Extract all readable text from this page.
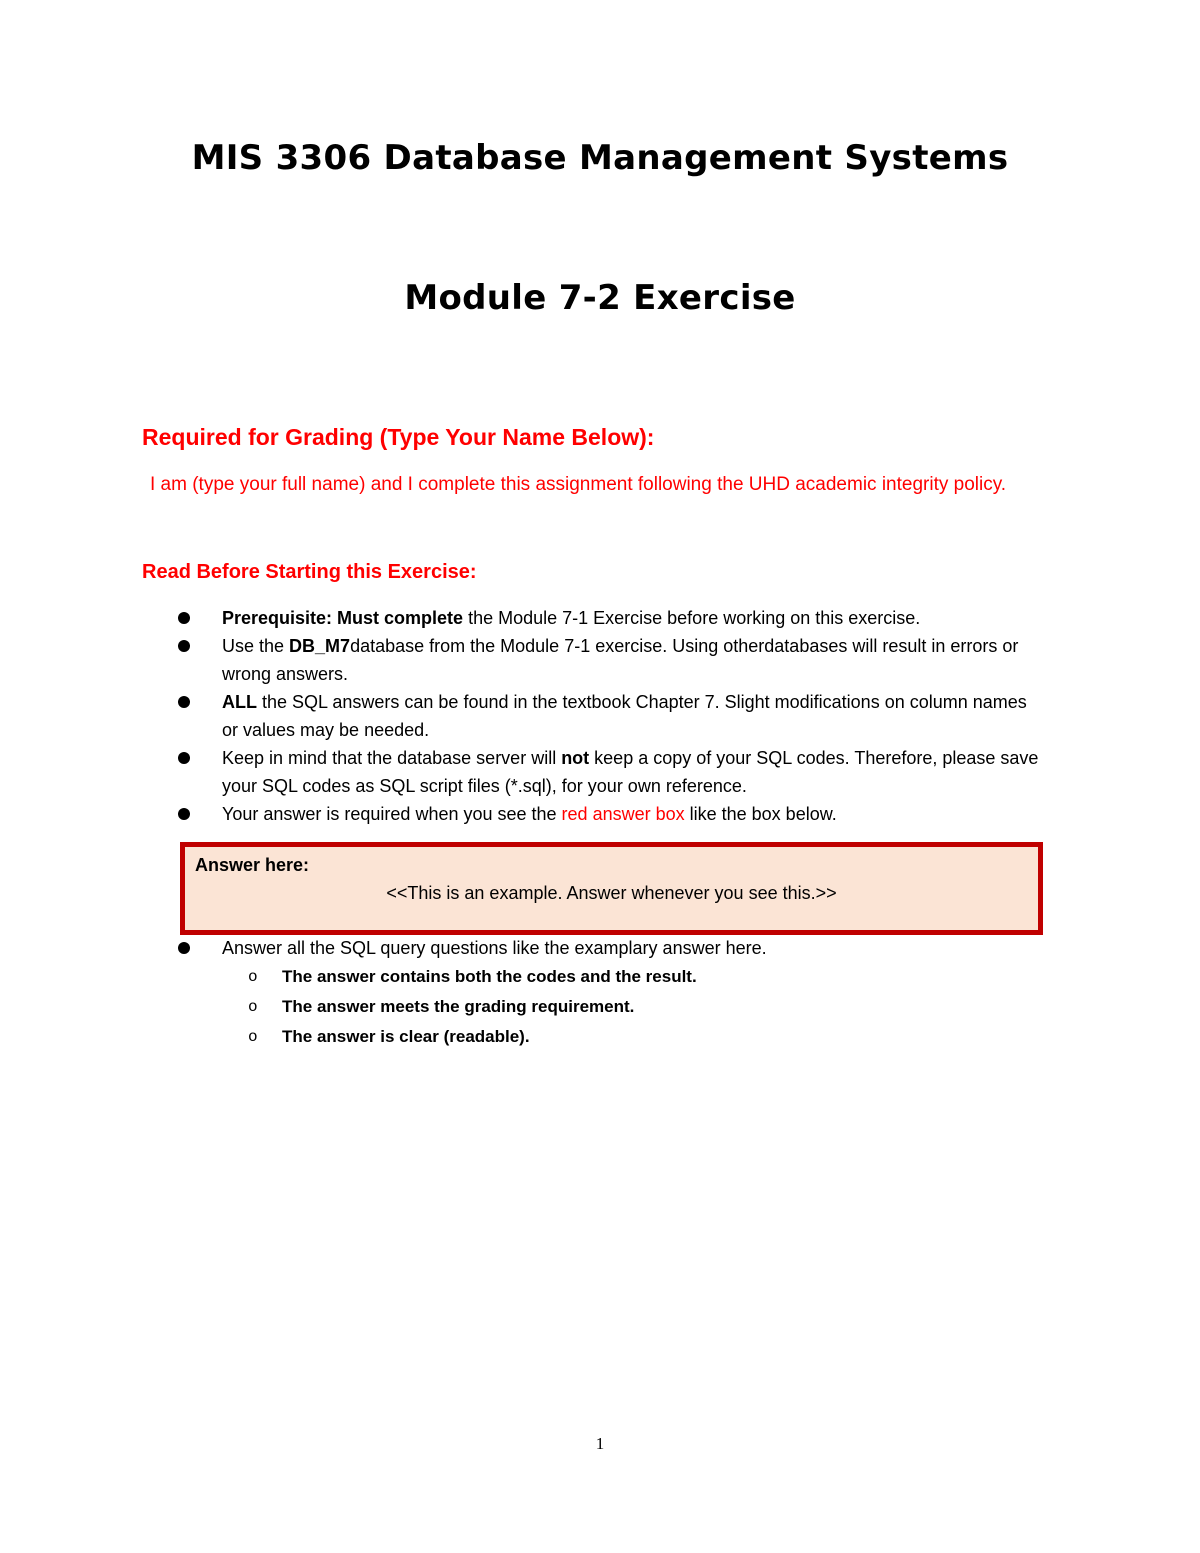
MIS 3306 Database Management Systems
Module 7-2 Exercise
Required for Grading (Type Your Name Below):
I am (type your full name) and I complete this assignment following the UHD academic integrity policy.
Read Before Starting this Exercise:
Prerequisite: Must complete the Module 7-1 Exercise before working on this exercise.
Use the DB_M7database from the Module 7-1 exercise. Using otherdatabases will result in errors or wrong answers.
ALL the SQL answers can be found in the textbook Chapter 7. Slight modifications on column names or values may be needed.
Keep in mind that the database server will not keep a copy of your SQL codes. Therefore, please save your SQL codes as SQL script files (*.sql), for your own reference.
Your answer is required when you see the red answer box like the box below.
Answer here:
<<This is an example. Answer whenever you see this.>>
Answer all the SQL query questions like the examplary answer here.
o The answer contains both the codes and the result.
o The answer meets the grading requirement.
o The answer is clear (readable).
1
